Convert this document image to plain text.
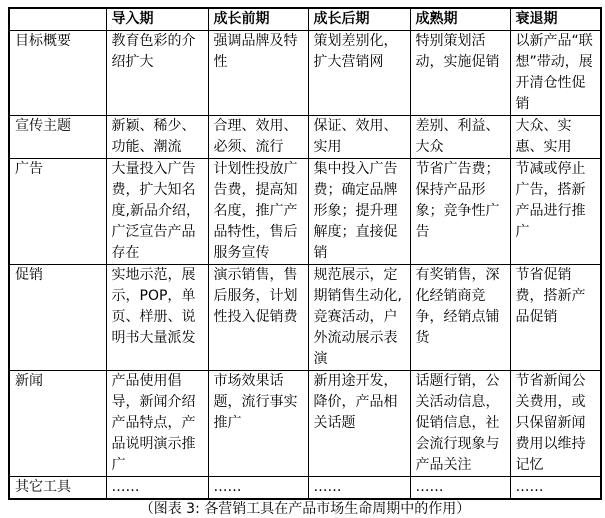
	导入期	成长前期	成长后期	成熟期	衰退期
目标概要	教育色彩的介绍扩大	强调品牌及特性	策划差别化，扩大营销网	特别策划活动，实施促销	以新产品“联想”带动，展开清仓性促销
宣传主题	新颖、稀少、功能、潮流	合理、效用、必须、流行	保证、效用、实用	差别、利益、大众	大众、实惠、实用
广告	大量投入广告费，扩大知名度,新品介绍，广泛宣告产品存在	计划性投放广告费，提高知名度，推广产品特性，售后服务宣传	集中投入广告费；确定品牌形象；提升理解度；直接促销	节省广告费；保持产品形象；竞争性广告	节减或停止广告，搭新产品进行推广
促销	实地示范，展示，POP，单页、样册、说明书大量派发	演示销售，售后服务，计划性投入促销费	规范展示，定期销售生动化,竞赛活动，户外流动展示表演	有奖销售，深化经销商竞争，经销点铺货	节省促销费，搭新产品促销
新闻	产品使用倡导，新闻介绍产品特点，产品说明演示推广	市场效果话题，流行事实推广	新用途开发，降价，产品相关话题	话题行销，公关活动信息，促销信息，社会流行现象与产品关注	节省新闻公关费用，或只保留新闻费用以维持记忆
其它工具	……	……	……	……	……
（图表 3: 各营销工具在产品市场生命周期中的作用）
